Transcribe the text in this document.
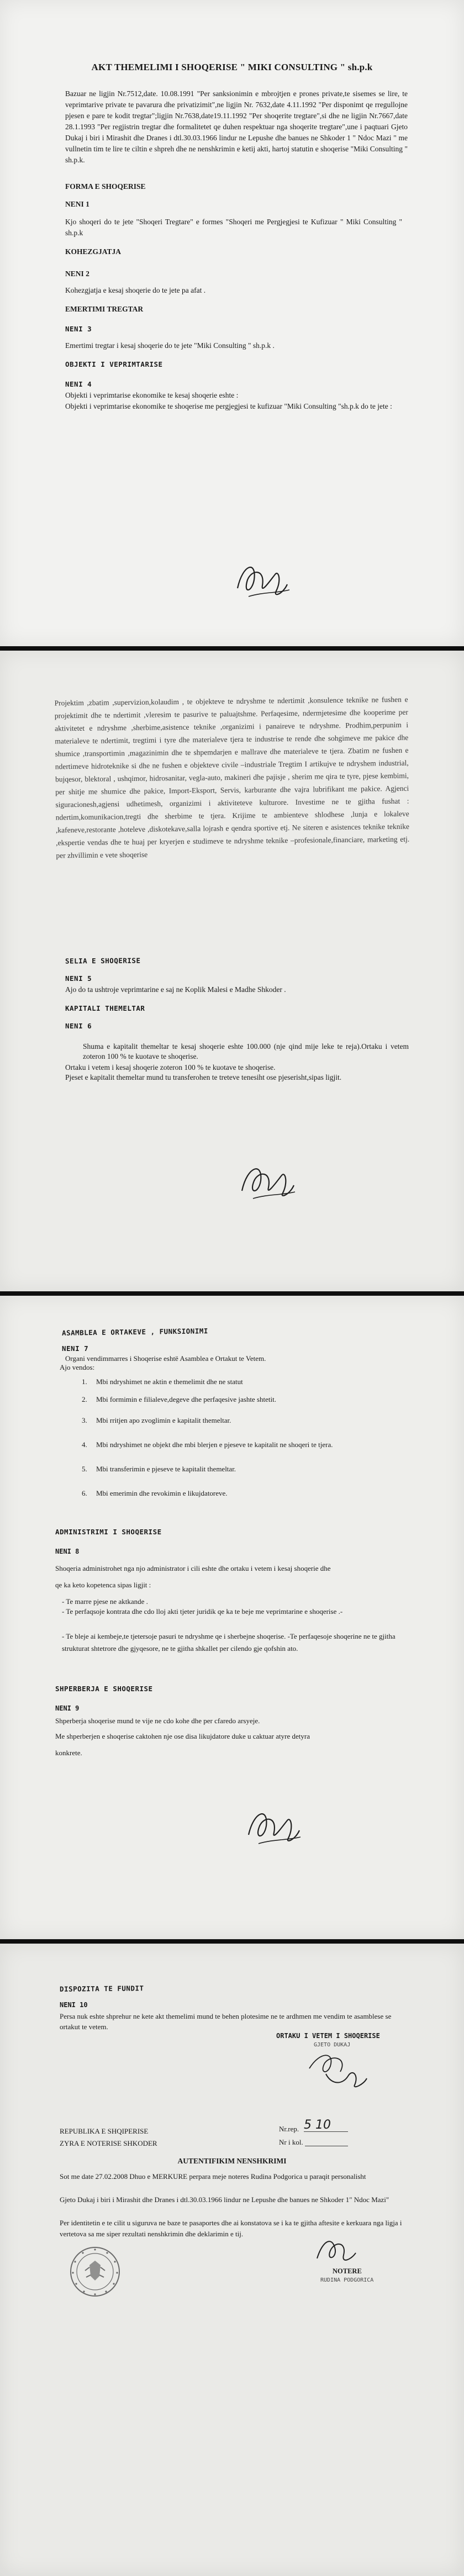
AKT THEMELIMI I SHOQERISE " MIKI CONSULTING " sh.p.k
Bazuar ne ligjin Nr.7512,date. 10.08.1991 "Per sanksionimin e mbrojtjen e prones private,te sisemes se lire, te veprimtarive private te pavarura dhe privatizimit",ne ligjin Nr. 7632,date 4.11.1992 "Per disponimt qe rregullojne pjesen e pare te kodit tregtar";ligjin Nr.7638,date19.11.1992 "Per shoqerite tregtare",si dhe ne ligjin Nr.7667,date 28.1.1993 "Per regjistrin tregtar dhe formalitetet qe duhen respektuar nga shoqerite tregtare",une i paqtuari Gjeto Dukaj i biri i Mirashit dhe Dranes i dtl.30.03.1966 lindur ne Lepushe dhe banues ne Shkoder 1 " Ndoc Mazi " me vullnetin tim te lire te ciltin e shpreh dhe ne nenshkrimin e ketij akti, hartoj statutin e shoqerise "Miki Consulting " sh.p.k.
FORMA E SHOQERISE
NENI 1
Kjo shoqeri do te jete "Shoqeri Tregtare" e formes "Shoqeri me Pergjegjesi te Kufizuar " Miki Consulting " sh.p.k
KOHEZGJATJA
NENI 2
Kohezgjatja e kesaj shoqerie do te jete pa afat .
EMERTIMI TREGTAR
NENI 3
Emertimi tregtar i kesaj shoqerie do te jete "Miki Consulting " sh.p.k .
OBJEKTI I VEPRIMTARISE
NENI 4
Objekti i veprimtarise ekonomike te kesaj shoqerie eshte :
Objekti i veprimtarise ekonomike te shoqerise me pergjegjesi te kufizuar "Miki Consulting "sh.p.k do te jete :
Projektim ,zbatim ,supervizion,kolaudim , te objekteve te ndryshme te ndertimit ,konsulence teknike ne fushen e projektimit dhe te ndertimit ,vleresim te pasurive te paluajtshme. Perfaqesime, ndermjetesime dhe kooperime per aktivitetet e ndryshme ,sherbime,asistence teknike ,organizimi i panaireve te ndryshme. Prodhim,perpunim i materialeve te ndertimit, tregtimi i tyre dhe materialeve tjera te industrise te rende dhe sohgimeve me pakice dhe shumice ,transportimin ,magazinimin dhe te shpemdarjen e mallrave dhe materialeve te tjera. Zbatim ne fushen e ndertimeve hidroteknike si dhe ne fushen e objekteve civile –industriale Tregtim I artikujve te ndryshem industrial, bujqesor, blektoral , ushqimor, hidrosanitar, vegla-auto, makineri dhe pajisje , sherim me qira te tyre, pjese kembimi, per shitje me shumice dhe pakice, Import-Eksport, Servis, karburante dhe vajra lubrifikant me pakice. Agjenci siguracionesh,agjensi udhetimesh, organizimi i aktiviteteve kulturore. Investime ne te gjitha fushat : ndertim,komunikacion,tregti dhe sherbime te tjera. Krijime te ambienteve shlodhese ,lunja e lokaleve ,kafeneve,restorante ,hoteleve ,diskotekave,salla lojrash e qendra sportive etj. Ne siteren e asistences teknike teknike ,ekspertie vendas dhe te huaj per kryerjen e studimeve te ndryshme teknike –profesionale,financiare, marketing etj. per zhvillimin e vete shoqerise
SELIA E SHOQERISE
NENI 5
Ajo do ta ushtroje veprimtarine e saj ne Koplik Malesi e Madhe Shkoder .
KAPITALI THEMELTAR
NENI 6
Shuma e kapitalit themeltar te kesaj shoqerie eshte 100.000 (nje qind mije leke te reja).Ortaku i vetem zoteron 100 % te kuotave te shoqerise.
Ortaku i vetem i kesaj shoqerie zoteron 100 % te kuotave te shoqerise.
Pjeset e kapitalit themeltar mund tu transferohen te treteve tenesiht ose pjeserisht,sipas ligjit.
ASAMBLEA E ORTAKEVE , FUNKSIONIMI
NENI 7
Organi vendimmarres i Shoqerise eshtë Asamblea e Ortakut te Vetem.
Ajo vendos:
1.	Mbi ndryshimet ne aktin e themelimit dhe ne statut
2.	Mbi formimin e filialeve,degeve dhe perfaqesive jashte shtetit.
3.	Mbi rritjen apo zvoglimin e kapitalit themeltar.
4.	Mbi ndryshimet ne objekt dhe mbi blerjen e pjeseve te kapitalit ne shoqeri te tjera.
5.	Mbi transferimin e pjeseve te kapitalit themeltar.
6.	Mbi emerimin dhe revokimin e likujdatoreve.
ADMINISTRIMI I SHOQERISE
NENI 8
Shoqeria administrohet nga njo administrator i cili eshte dhe ortaku i vetem i kesaj shoqerie dhe
qe ka keto kopetenca sipas ligjit :
- Te marre pjese ne aktkande .
- Te perfaqsoje kontrata dhe cdo lloj akti tjeter juridik qe ka te beje me veprimtarine e shoqerise .-
- Te bleje ai kembeje,te tjetersoje pasuri te ndryshme qe i sherbejne shoqerise. -Te perfaqesoje shoqerine ne te gjitha strukturat shtetrore dhe gjyqesore, ne te gjitha shkallet per cilendo gje qofshin ato.
SHPERBERJA E SHOQERISE
NENI 9
Shperberja shoqerise mund te vije ne cdo kohe dhe per cfaredo arsyeje.
Me shperberjen e shoqerise caktohen nje ose disa likujdatore duke u caktuar atyre detyra
konkrete.
DISPOZITA TE FUNDIT
NENI 10
Persa nuk eshte shprehur ne kete akt themelimi mund te behen plotesime ne te ardhmen me vendim te asamblese se ortakut te vetem.
ORTAKU I VETEM I SHOQERISE
GJETO DUKAJ
REPUBLIKA E SHQIPERISE
ZYRA E NOTERISE SHKODER
Nr.rep. 5 10
Nr i kol.
AUTENTIFIKIM NENSHKRIMI
Sot me date 27.02.2008 Dhuo e MERKURE perpara meje noteres Rudina Podgorica u paraqit personalisht
Gjeto Dukaj i biri i Mirashit dhe Dranes i dtl.30.03.1966 lindur ne Lepushe dhe banues ne Shkoder 1" Ndoc Mazi"
Per identitetin e te cilit u siguruva ne baze te pasaportes dhe ai konstatova se i ka te gjitha aftesite e kerkuara nga ligja i vertetova sa me siper rezultati nenshkrimin dhe deklarimin e tij.
NOTERE
RUDINA PODGORICA
